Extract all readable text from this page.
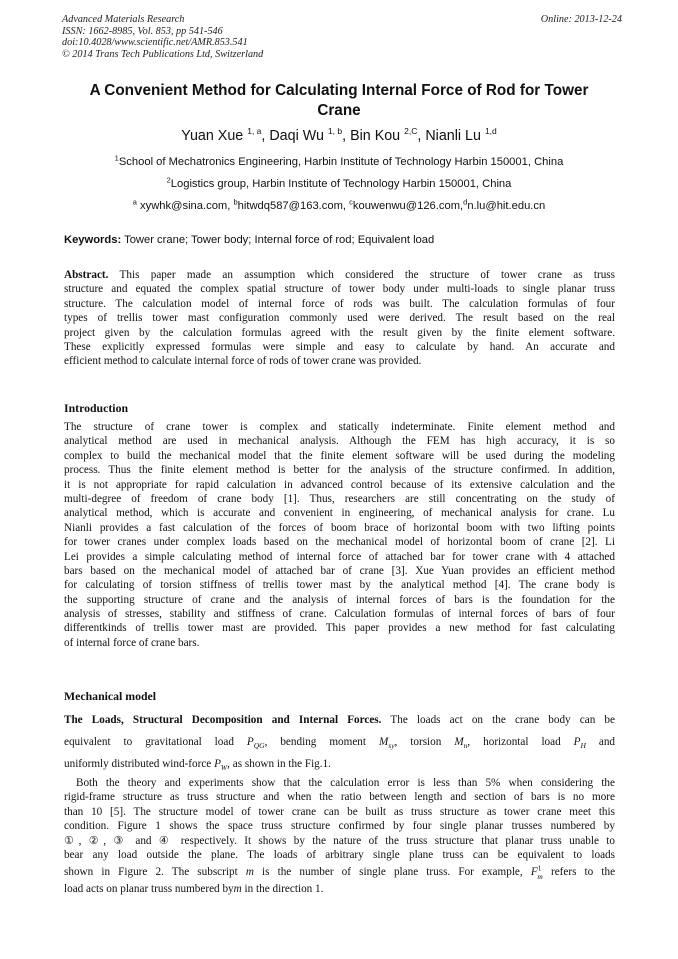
Advanced Materials Research
ISSN: 1662-8985, Vol. 853, pp 541-546
doi:10.4028/www.scientific.net/AMR.853.541
© 2014 Trans Tech Publications Ltd, Switzerland
Online: 2013-12-24
A Convenient Method for Calculating Internal Force of Rod for Tower
Crane
Yuan Xue $^{1, a}$, Daqi Wu $^{1, b}$, Bin Kou $^{2,C}$, Nianli Lu $^{1,d}$
$^1$School of Mechatronics Engineering, Harbin Institute of Technology Harbin 150001, China
$^2$Logistics group, Harbin Institute of Technology Harbin 150001, China
$^a$ xywhk@sina.com, $^b$hitwdq587@163.com, $^c$kouwenwu@126.com,$^d$n.lu@hit.edu.cn
Keywords: Tower crane; Tower body; Internal force of rod; Equivalent load
Abstract. This paper made an assumption which considered the structure of tower crane as truss
structure and equated the complex spatial structure of tower body under multi-loads to single planar truss
structure. The calculation model of internal force of rods was built. The calculation formulas of four
types of trellis tower mast configuration commonly used were derived. The result based on the real
project given by the calculation formulas agreed with the result given by the finite element software.
These explicitly expressed formulas were simple and easy to calculate by hand. An accurate and
efficient method to calculate internal force of rods of tower crane was provided.
Introduction
The structure of crane tower is complex and statically indeterminate. Finite element method and
analytical method are used in mechanical analysis. Although the FEM has high accuracy, it is so
complex to build the mechanical model that the finite element software will be used during the modeling
process. Thus the finite element method is better for the analysis of the structure confirmed. In addition,
it is not appropriate for rapid calculation in advanced control because of its extensive calculation and the
multi-degree of freedom of crane body [1]. Thus, researchers are still concentrating on the study of
analytical method, which is accurate and convenient in engineering, of mechanical analysis for crane. Lu
Nianli provides a fast calculation of the forces of boom brace of horizontal boom with two lifting points
for tower cranes under complex loads based on the mechanical model of horizontal boom of crane [2]. Li
Lei provides a simple calculating method of internal force of attached bar for tower crane with 4 attached
bars based on the mechanical model of attached bar of crane [3]. Xue Yuan provides an efficient method
for calculating of torsion stiffness of trellis tower mast by the analytical method [4]. The crane body is
the supporting structure of crane and the analysis of internal forces of bars is the foundation for the
analysis of stresses, stability and stiffness of crane. Calculation formulas of internal forces of bars of four
differentkinds of trellis tower mast are provided. This paper provides a new method for fast calculating
of internal force of crane bars.
Mechanical model
The Loads, Structural Decomposition and Internal Forces. The loads act on the crane body can be
equivalent to gravitational load $P_{QG}$, bending moment $M_{sy}$, torsion $M_n$, horizontal load $P_H$ and
uniformly distributed wind-force $P_W$, as shown in the Fig.1.
Both the theory and experiments show that the calculation error is less than 5% when considering the
rigid-frame structure as truss structure and when the ratio between length and section of bars is no more
than 10 [5]. The structure model of tower crane can be built as truss structure as tower crane meet this
condition. Figure 1 shows the space truss structure confirmed by four single planar trusses numbered by
①, ②, ③ and ④ respectively. It shows by the nature of the truss structure that planar truss unable to
bear any load outside the plane. The loads of arbitrary single plane truss can be equivalent to loads
shown in Figure 2. The subscript m is the number of single plane truss. For example, $F^1_m$ refers to the
load acts on planar truss numbered bym in the direction 1.
